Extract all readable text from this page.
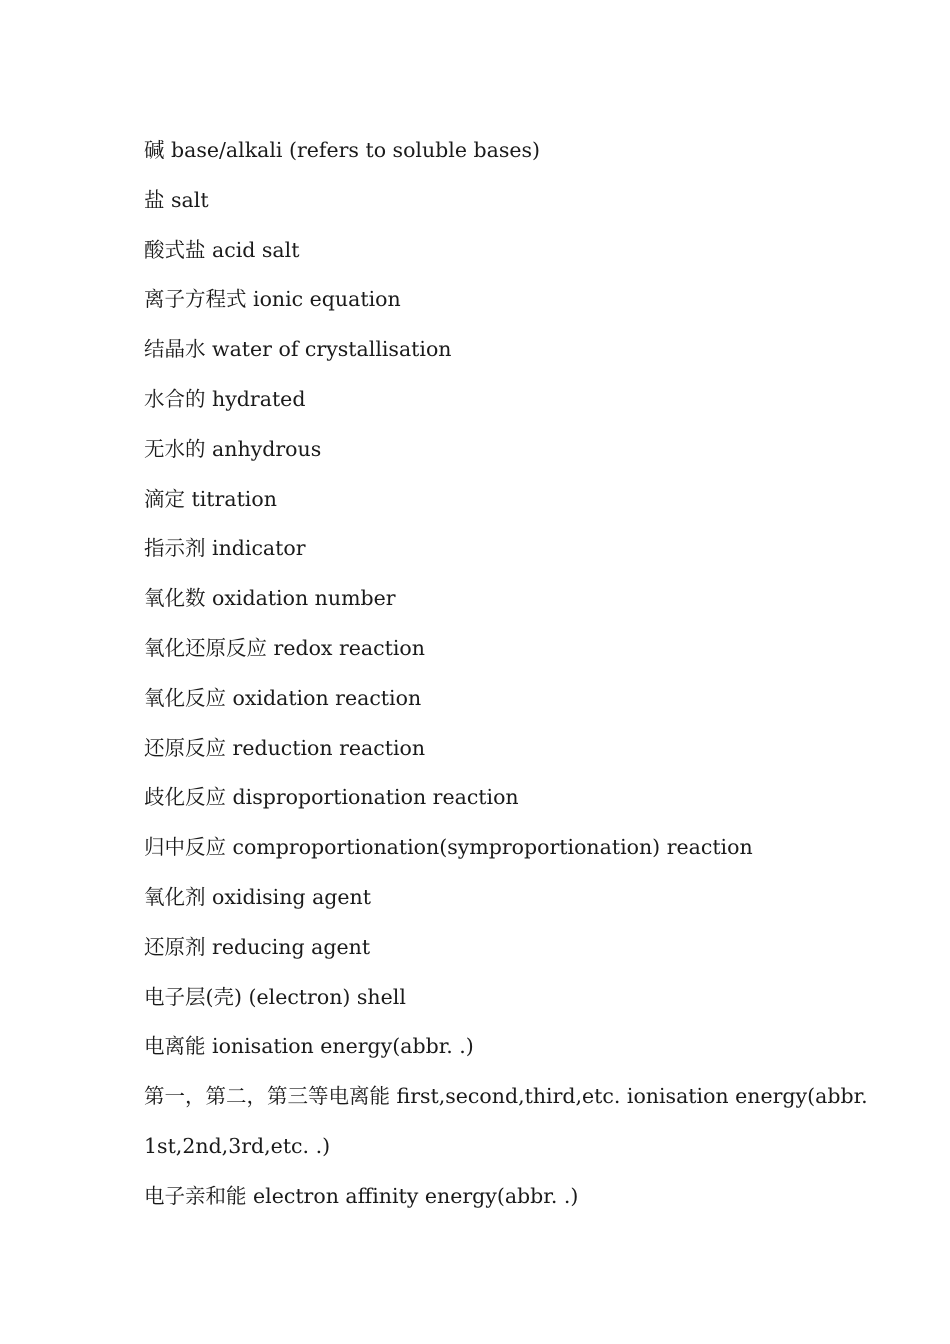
碱 base/alkali (refers to soluble bases)
盐 salt
酸式盐 acid salt
离子方程式 ionic equation
结晶水 water of crystallisation
水合的 hydrated
无水的 anhydrous
滴定 titration
指示剂 indicator
氧化数 oxidation number
氧化还原反应 redox reaction
氧化反应 oxidation reaction
还原反应 reduction reaction
歧化反应 disproportionation reaction
归中反应 comproportionation(symproportionation) reaction
氧化剂 oxidising agent
还原剂 reducing agent
电子层(壳) (electron) shell
电离能 ionisation energy(abbr. .)
第一，第二，第三等电离能 first,second,third,etc. ionisation energy(abbr.
1st,2nd,3rd,etc. .)
电子亲和能 electron affinity energy(abbr. .)
